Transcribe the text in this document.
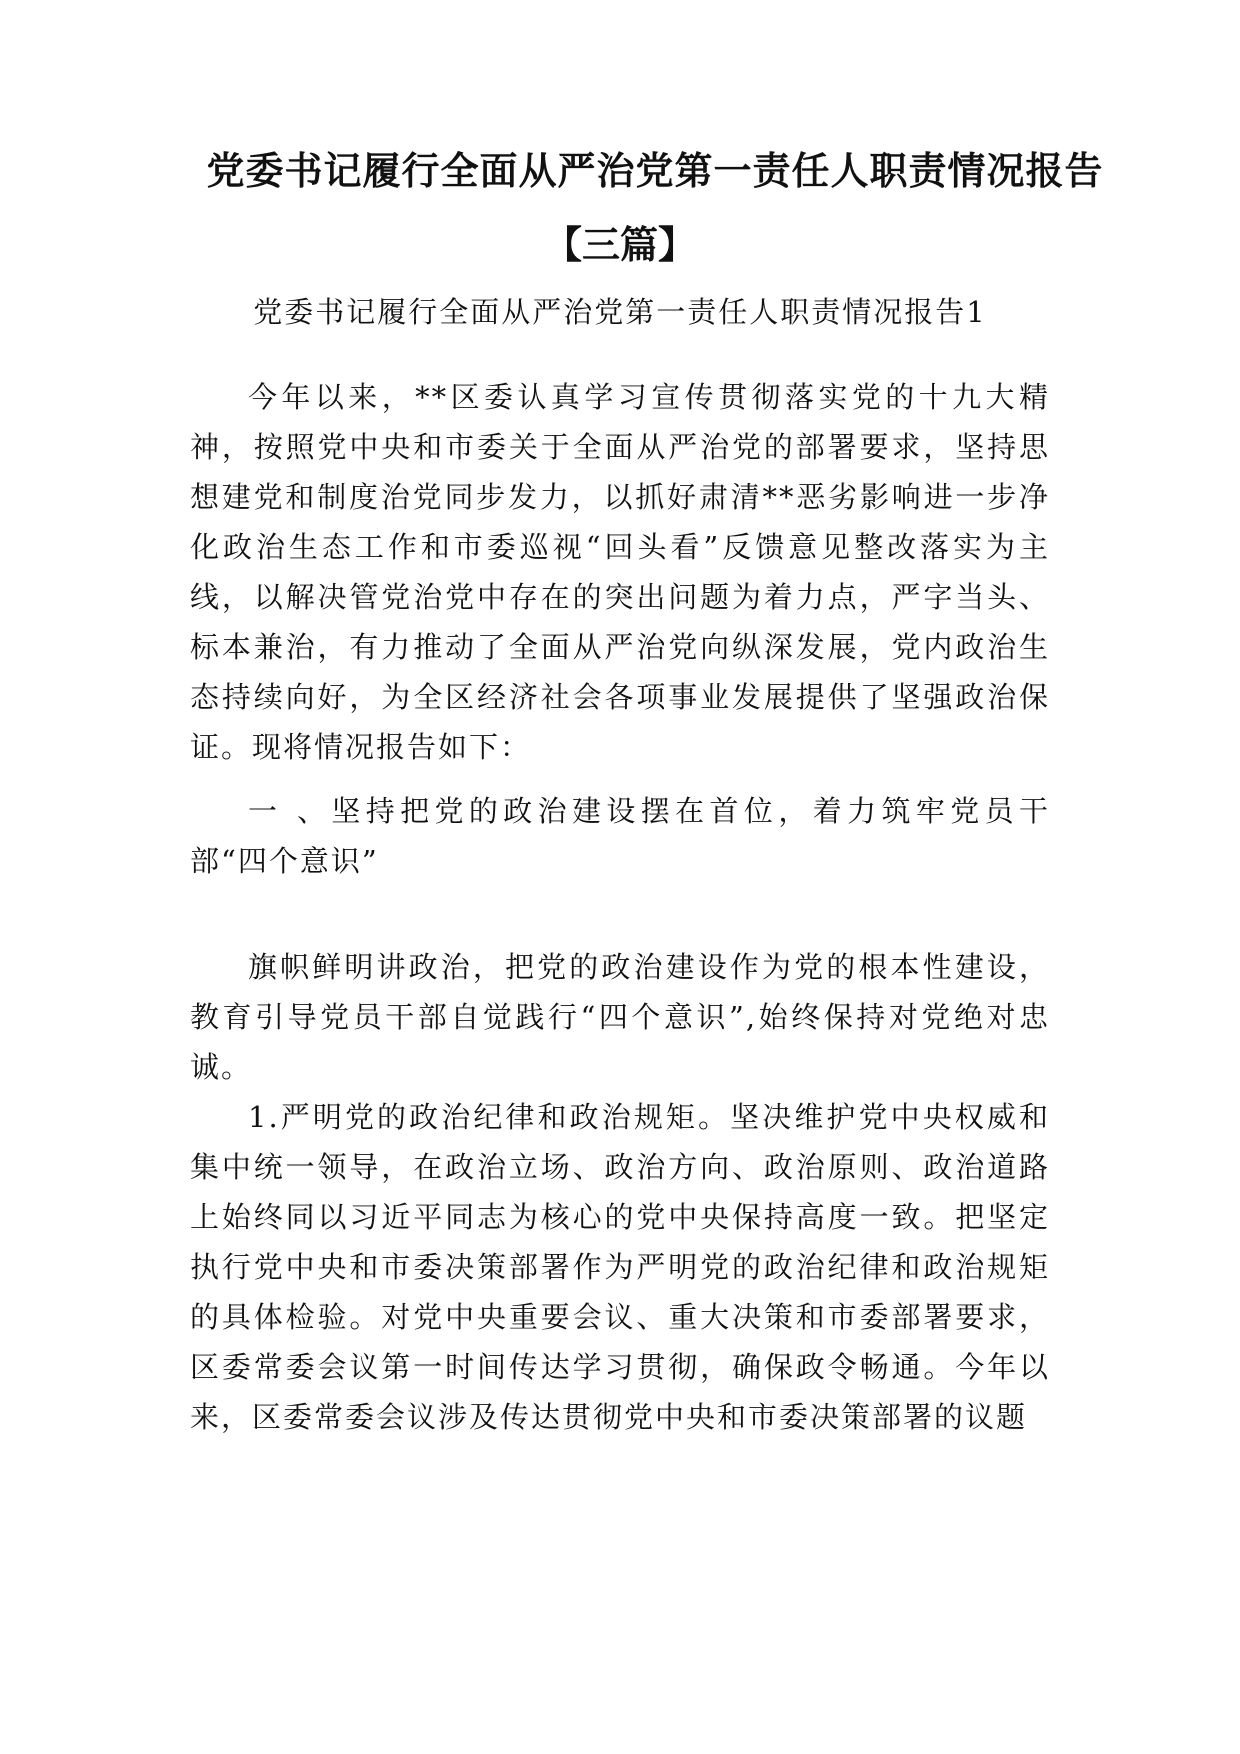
党委书记履行全面从严治党第一责任人职责情况报告
【三篇】
党委书记履行全面从严治党第一责任人职责情况报告1
今年以来，**区委认真学习宣传贯彻落实党的十九大精神，按照党中央和市委关于全面从严治党的部署要求，坚持思想建党和制度治党同步发力，以抓好肃清**恶劣影响进一步净化政治生态工作和市委巡视“回头看”反馈意见整改落实为主线，以解决管党治党中存在的突出问题为着力点，严字当头、标本兼治，有力推动了全面从严治党向纵深发展，党内政治生态持续向好，为全区经济社会各项事业发展提供了坚强政治保证。现将情况报告如下：
一 、坚持把党的政治建设摆在首位，着力筑牢党员干部“四个意识”
旗帜鲜明讲政治，把党的政治建设作为党的根本性建设，教育引导党员干部自觉践行“四个意识”,始终保持对党绝对忠诚。
1.严明党的政治纪律和政治规矩。坚决维护党中央权威和集中统一领导，在政治立场、政治方向、政治原则、政治道路上始终同以习近平同志为核心的党中央保持高度一致。把坚定执行党中央和市委决策部署作为严明党的政治纪律和政治规矩的具体检验。对党中央重要会议、重大决策和市委部署要求，区委常委会议第一时间传达学习贯彻，确保政令畅通。今年以来，区委常委会议涉及传达贯彻党中央和市委决策部署的议题
